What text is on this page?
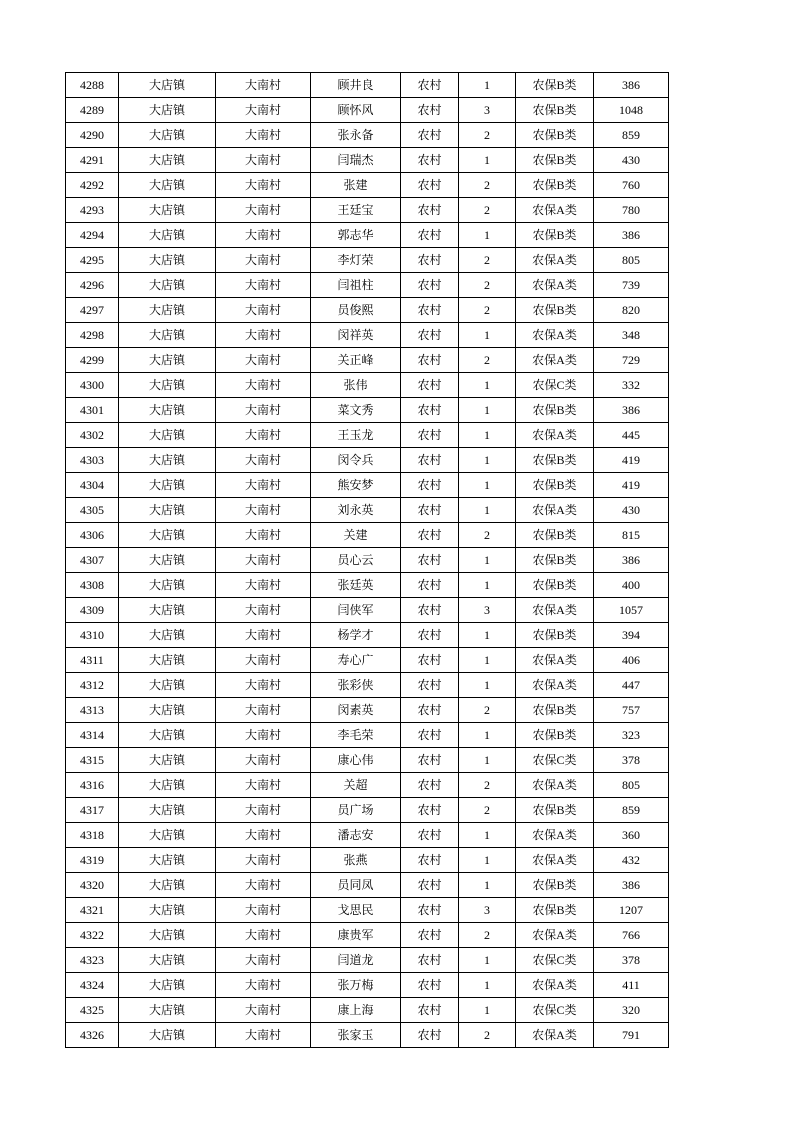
4288	大店镇	大南村	顾井良	农村	1	农保B类	386
4289	大店镇	大南村	顾怀风	农村	3	农保B类	1048
4290	大店镇	大南村	张永备	农村	2	农保B类	859
4291	大店镇	大南村	闫瑞杰	农村	1	农保B类	430
4292	大店镇	大南村	张建	农村	2	农保B类	760
4293	大店镇	大南村	王廷宝	农村	2	农保A类	780
4294	大店镇	大南村	郭志华	农村	1	农保B类	386
4295	大店镇	大南村	李灯荣	农村	2	农保A类	805
4296	大店镇	大南村	闫祖柱	农村	2	农保A类	739
4297	大店镇	大南村	员俊熙	农村	2	农保B类	820
4298	大店镇	大南村	闵祥英	农村	1	农保A类	348
4299	大店镇	大南村	关正峰	农村	2	农保A类	729
4300	大店镇	大南村	张伟	农村	1	农保C类	332
4301	大店镇	大南村	菜文秀	农村	1	农保B类	386
4302	大店镇	大南村	王玉龙	农村	1	农保A类	445
4303	大店镇	大南村	闵令兵	农村	1	农保B类	419
4304	大店镇	大南村	熊安梦	农村	1	农保B类	419
4305	大店镇	大南村	刘永英	农村	1	农保A类	430
4306	大店镇	大南村	关建	农村	2	农保B类	815
4307	大店镇	大南村	员心云	农村	1	农保B类	386
4308	大店镇	大南村	张廷英	农村	1	农保B类	400
4309	大店镇	大南村	闫侠军	农村	3	农保A类	1057
4310	大店镇	大南村	杨学才	农村	1	农保B类	394
4311	大店镇	大南村	寿心广	农村	1	农保A类	406
4312	大店镇	大南村	张彩侠	农村	1	农保A类	447
4313	大店镇	大南村	闵素英	农村	2	农保B类	757
4314	大店镇	大南村	李毛荣	农村	1	农保B类	323
4315	大店镇	大南村	康心伟	农村	1	农保C类	378
4316	大店镇	大南村	关超	农村	2	农保A类	805
4317	大店镇	大南村	员广场	农村	2	农保B类	859
4318	大店镇	大南村	潘志安	农村	1	农保A类	360
4319	大店镇	大南村	张燕	农村	1	农保A类	432
4320	大店镇	大南村	员同凤	农村	1	农保B类	386
4321	大店镇	大南村	戈思民	农村	3	农保B类	1207
4322	大店镇	大南村	康贵军	农村	2	农保A类	766
4323	大店镇	大南村	闫道龙	农村	1	农保C类	378
4324	大店镇	大南村	张万梅	农村	1	农保A类	411
4325	大店镇	大南村	康上海	农村	1	农保C类	320
4326	大店镇	大南村	张家玉	农村	2	农保A类	791
